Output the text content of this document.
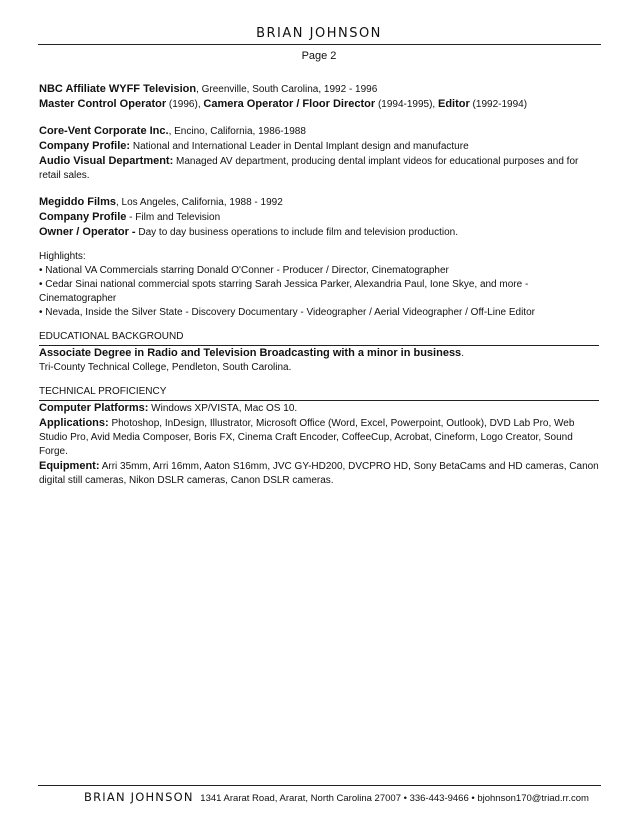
BRIAN JOHNSON
Page 2

NBC Affiliate WYFF Television, Greenville, South Carolina, 1992 - 1996

Master Control Operator (1996), Camera Operator / Floor Director (1994-1995), Editor (1992-1994)

Core-Vent Corporate Inc., Encino, California, 1986-1988

Company Profile: National and International Leader in Dental Implant design and manufacture

Audio Visual Department: Managed AV department, producing dental implant videos for educational purposes and for retail sales.

Megiddo Films, Los Angeles, California, 1988 - 1992

Company Profile - Film and Television

Owner / Operator - Day to day business operations to include film and television production.

Highlights:

• National VA Commercials starring Donald O'Conner - Producer / Director, Cinematographer

• Cedar Sinai national commercial spots starring Sarah Jessica Parker, Alexandria Paul, Ione Skye, and more - Cinematographer

• Nevada, Inside the Silver State - Discovery Documentary - Videographer / Aerial Videographer / Off-Line Editor

EDUCATIONAL BACKGROUND

Associate Degree in Radio and Television Broadcasting with a minor in business.

Tri-County Technical College, Pendleton, South Carolina.

TECHNICAL PROFICIENCY

Computer Platforms: Windows XP/VISTA, Mac OS 10.

Applications: Photoshop, InDesign, Illustrator, Microsoft Office (Word, Excel, Powerpoint, Outlook), DVD Lab Pro, Web Studio Pro, Avid Media Composer, Boris FX, Cinema Craft Encoder, CoffeeCup, Acrobat, Cineform, Logo Creator, Sound Forge.

Equipment: Arri 35mm, Arri 16mm, Aaton S16mm, JVC GY-HD200, DVCPRO HD, Sony BetaCams and HD cameras, Canon digital still cameras, Nikon DSLR cameras, Canon DSLR cameras.

BRIAN JOHNSON 1341 Ararat Road, Ararat, North Carolina 27007 • 336-443-9466 • bjohnson170@triad.rr.com
